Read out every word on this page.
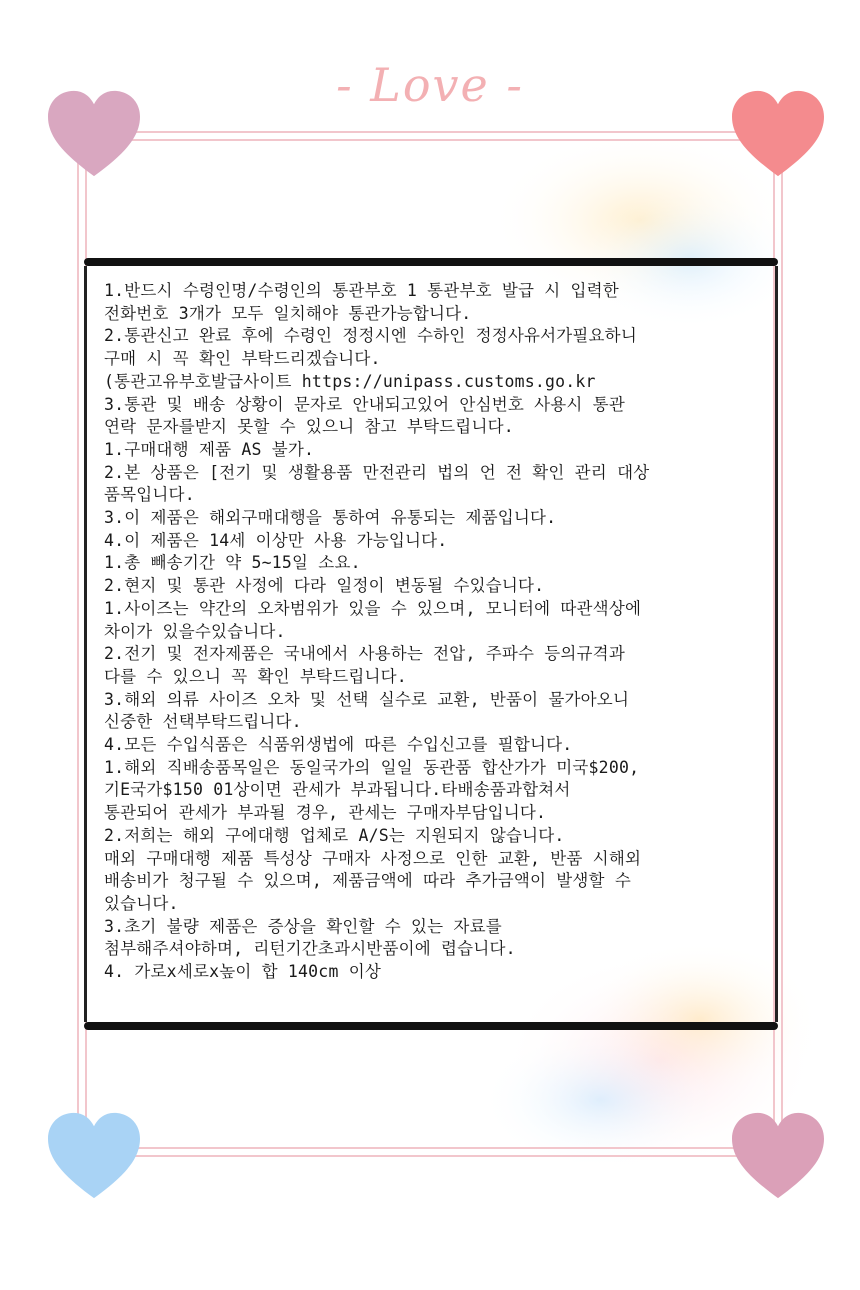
- Love -
1.반드시 수령인명/수령인의 통관부호 1 통관부호 발급 시 입력한
전화번호 3개가 모두 일치해야 통관가능합니다.
2.통관신고 완료 후에 수령인 정정시엔 수하인 정정사유서가필요하니
구매 시 꼭 확인 부탁드리겠습니다.
(통관고유부호발급사이트 https://unipass.customs.go.kr
3.통관 및 배송 상황이 문자로 안내되고있어 안심번호 사용시 통관
연락 문자를받지 못할 수 있으니 참고 부탁드립니다.
1.구매대행 제품 AS 불가.
2.본 상품은 [전기 및 생활용품 만전관리 법의 언 전 확인 관리 대상
품목입니다.
3.이 제품은 해외구매대행을 통하여 유통되는 제품입니다.
4.이 제품은 14세 이상만 사용 가능입니다.
1.총 빼송기간 약 5~15일 소요.
2.현지 및 통관 사정에 다라 일정이 변동될 수있습니다.
1.사이즈는 약간의 오차범위가 있을 수 있으며, 모니터에 따관색상에
차이가 있을수있습니다.
2.전기 및 전자제품은 국내에서 사용하는 전압, 주파수 등의규격과
다를 수 있으니 꼭 확인 부탁드립니다.
3.해외 의류 사이즈 오차 및 선택 실수로 교환, 반품이 물가아오니
신중한 선택부탁드립니다.
4.모든 수입식품은 식품위생법에 따른 수입신고를 필합니다.
1.해외 직배송품목일은 동일국가의 일일 동관품 합산가가 미국$200,
기E국가$150 01상이면 관세가 부과됩니다.타배송품과합쳐서
통관되어 관세가 부과될 경우, 관세는 구매자부담입니다.
2.저희는 해외 구에대행 업체로 A/S는 지원되지 않습니다.
매외 구매대행 제품 특성상 구매자 사정으로 인한 교환, 반품 시해외
배송비가 청구될 수 있으며, 제품금액에 따라 추가금액이 발생할 수
있습니다.
3.초기 불량 제품은 증상을 확인할 수 있는 자료를
첨부해주셔야하며, 리턴기간초과시반품이에 렵습니다.
4. 가로x세로x높이 합 140cm 이상
